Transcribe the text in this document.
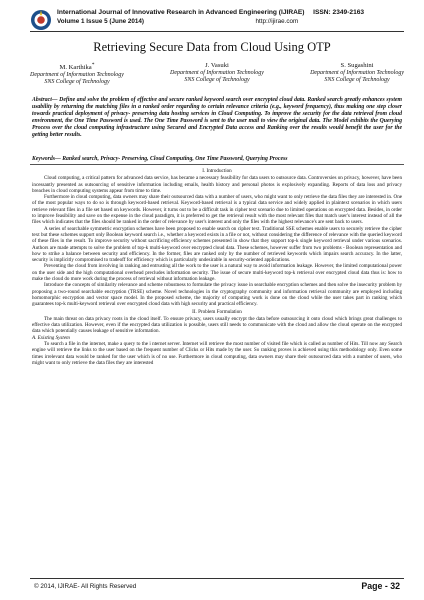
International Journal of Innovative Research in Advanced Engineering (IJIRAE) ISSN: 2349-2163
Volume 1 Issue 5 (June 2014)	http://ijirae.com
Retrieving Secure Data from Cloud Using OTP
M. Karthika*
Department of Information Technology
SNS College of Technology
J. Vasuki
Department of Information Technology
SNS College of Technology
S. Sugashini
Department of Information Technology
SNS College of Technology
Abstract— Define and solve the problem of effective and secure ranked keyword search over encrypted cloud data. Ranked search greatly enhances system usability by returning the matching files in a ranked order regarding to certain relevance criteria (e.g., keyword frequency), thus making one step closer towards practical deployment of privacy- preserving data hosting services in Cloud Computing. To improve the security for the data retrieval from cloud environment, the One Time Password is used. The One Time Password is sent to the user mail to view the original data. The Model exhibits the Querying Process over the cloud computing infrastructure using Secured and Encrypted Data access and Ranking over the results would benefit the user for the getting better results.
Keywords— Ranked search, Privacy- Preserving, Cloud Computing, One Time Password, Querying Process
I. Introduction

Cloud computing, a critical pattern for advanced data service, has became a necessary feasibility for data users to outsource data. Controversies on privacy, however, have been incessantly presented as outsourcing of sensitive information including emails, health history and personal photos is explosively expanding. Reports of data loss and privacy breaches in cloud computing systems appear from time to time.

Furthermore in cloud computing, data owners may share their outsourced data with a number of users, who might want to only retrieve the data files they are interested in. One of the most popular ways to do so is through keyword-based retrieval. Keyword-based retrieval is a typical data service and widely applied in plaintext scenarios in which users retrieve relevant files in a file set based on keywords. However, it turns out to be a difficult task in cipher text scenario due to limited operations on encrypted data. Besides, in order to improve feasibility and save on the expense in the cloud paradigm, it is preferred to get the retrieval result with the most relevant files that match user's interest instead of all the files which indicates that the files should be ranked in the order of relevance by user's interest and only the files with the highest relevance's are sent back to users.

A series of searchable symmetric encryption schemes have been proposed to enable search on cipher text. Traditional SSE schemes enable users to securely retrieve the cipher text but these schemes support only Boolean keyword search i.e., whether a keyword exists in a file or not, without considering the difference of relevance with the queried keyword of these files in the result. To improve security without sacrificing efficiency schemes presented in show that they support top-k single keyword retrieval under various scenarios. Authors are made attempts to solve the problem of top-k multi-keyword over encrypted cloud data. These schemes, however suffer from two problems - Boolean representation and how to strike a balance between security and efficiency. In the former, files are ranked only by the number of retrieved keywords which impairs search accuracy. In the latter, security is implicitly compromised to tradeoff for efficiency which is particularly undesirable in security-oriented applications.

Preventing the cloud from involving in ranking and entrusting all the work to the user is a natural way to avoid information leakage. However, the limited computational power on the user side and the high computational overhead precludes information security. The issue of secure multi-keyword top-k retrieval over encrypted cloud data thus is: how to make the cloud do more work during the process of retrieval without information leakage.

Introduce the concepts of similarity relevance and scheme robustness to formulate the privacy issue in searchable encryption schemes and then solve the insecurity problem by proposing a two-round searchable encryption (TRSE) scheme. Novel technologies in the cryptography community and information retrieval community are employed including homomorphic encryption and vector space model. In the proposed scheme, the majority of computing work is done on the cloud while the user takes part in ranking which guarantees top-k multi-keyword retrieval over encrypted cloud data with high security and practical efficiency.

II. Problem Formulation

The main threat on data privacy roots in the cloud itself. To ensure privacy, users usually encrypt the data before outsourcing it onto cloud which brings great challenges to effective data utilization. However, even if the encrypted data utilization is possible, users still needs to communicate with the cloud and allow the cloud operate on the encrypted data which potentially causes leakage of sensitive information.

A. Existing System

To search a file in the internet, make a query to the i nternet server. Internet will retrieve the most number of visited file which is called as number of Hits. Till now any Search engine will retrieve the links to the user based on the frequent number of Clicks or Hits made by the user. So ranking proves is achieved using this methodology only. Even some times irrelevant data would be ranked for the user which is of no use. Furthermore in cloud computing, data owners may share their outsourced data with a number of users, who might want to only retrieve the data files they are interested

© 2014, IJIRAE- All Rights Reserved	Page - 32
